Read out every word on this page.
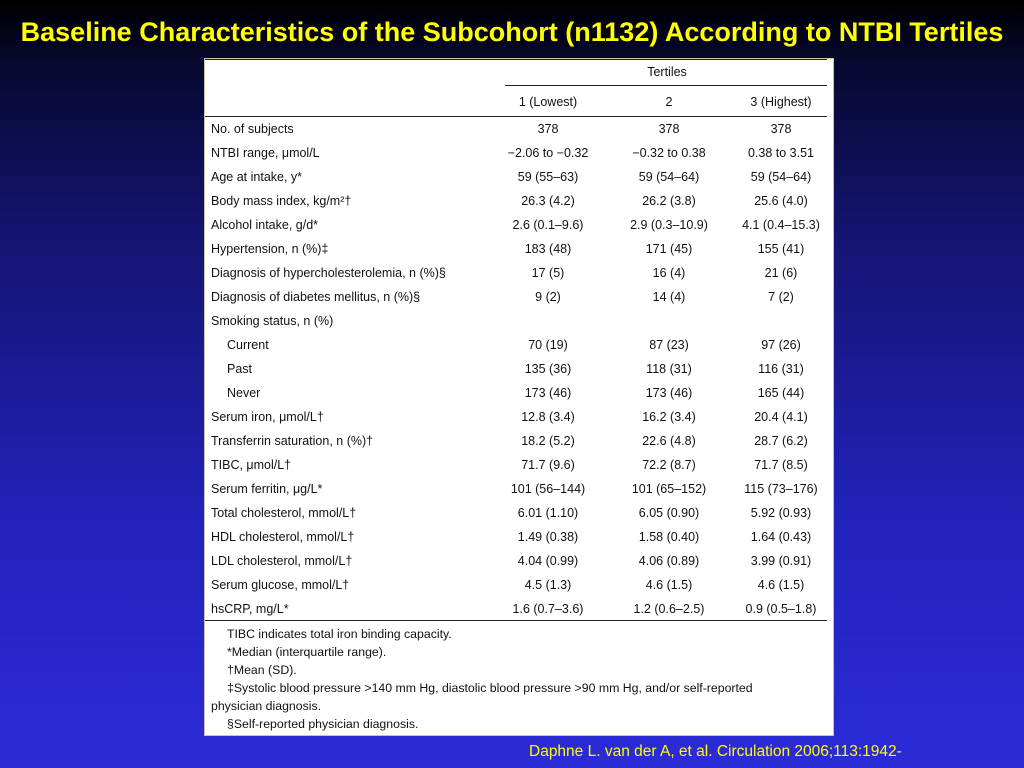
Baseline Characteristics of the Subcohort (n1132) According to NTBI Tertiles
Tertiles
1 (Lowest)	2	3 (Highest)
No. of subjects	378	378	378
NTBI range, μmol/L	−2.06 to −0.32	−0.32 to 0.38	0.38 to 3.51
Age at intake, y*	59 (55–63)	59 (54–64)	59 (54–64)
Body mass index, kg/m²†	26.3 (4.2)	26.2 (3.8)	25.6 (4.0)
Alcohol intake, g/d*	2.6 (0.1–9.6)	2.9 (0.3–10.9)	4.1 (0.4–15.3)
Hypertension, n (%)‡	183 (48)	171 (45)	155 (41)
Diagnosis of hypercholesterolemia, n (%)§	17 (5)	16 (4)	21 (6)
Diagnosis of diabetes mellitus, n (%)§	9 (2)	14 (4)	7 (2)
Smoking status, n (%)
Current	70 (19)	87 (23)	97 (26)
Past	135 (36)	118 (31)	116 (31)
Never	173 (46)	173 (46)	165 (44)
Serum iron, μmol/L†	12.8 (3.4)	16.2 (3.4)	20.4 (4.1)
Transferrin saturation, n (%)†	18.2 (5.2)	22.6 (4.8)	28.7 (6.2)
TIBC, μmol/L†	71.7 (9.6)	72.2 (8.7)	71.7 (8.5)
Serum ferritin, μg/L*	101 (56–144)	101 (65–152)	115 (73–176)
Total cholesterol, mmol/L†	6.01 (1.10)	6.05 (0.90)	5.92 (0.93)
HDL cholesterol, mmol/L†	1.49 (0.38)	1.58 (0.40)	1.64 (0.43)
LDL cholesterol, mmol/L†	4.04 (0.99)	4.06 (0.89)	3.99 (0.91)
Serum glucose, mmol/L†	4.5 (1.3)	4.6 (1.5)	4.6 (1.5)
hsCRP, mg/L*	1.6 (0.7–3.6)	1.2 (0.6–2.5)	0.9 (0.5–1.8)
TIBC indicates total iron binding capacity.
*Median (interquartile range).
†Mean (SD).
‡Systolic blood pressure >140 mm Hg, diastolic blood pressure >90 mm Hg, and/or self-reported
physician diagnosis.
§Self-reported physician diagnosis.
Daphne L. van der A, et al. Circulation 2006;113:1942-
